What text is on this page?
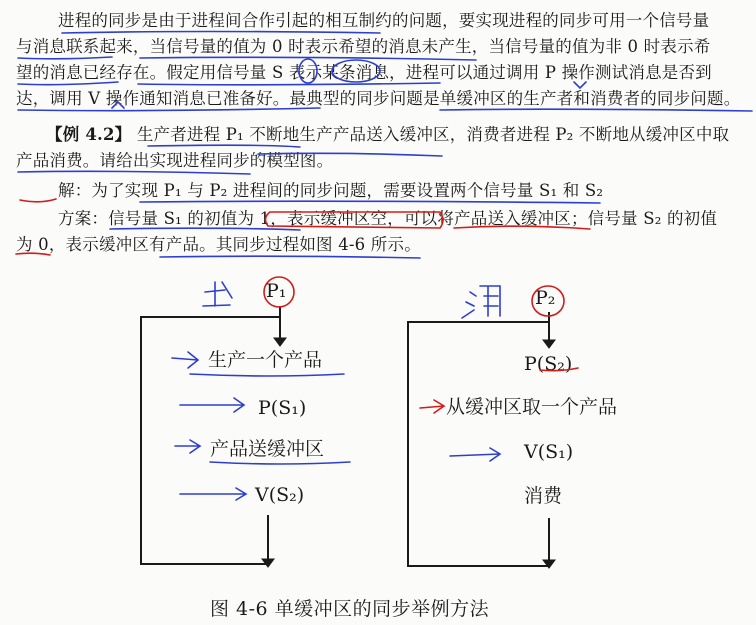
进程的同步是由于进程间合作引起的相互制约的问题，要实现进程的同步可用一个信号量
与消息联系起来，当信号量的值为 0 时表示希望的消息未产生，当信号量的值为非 0 时表示希
望的消息已经存在。假定用信号量 S 表示某条消息，进程可以通过调用 P 操作测试消息是否到
达，调用 V 操作通知消息已准备好。最典型的同步问题是单缓冲区的生产者和消费者的同步问题。
【例 4.2】 生产者进程 P₁ 不断地生产产品送入缓冲区，消费者进程 P₂ 不断地从缓冲区中取
产品消费。请给出实现进程同步的模型图。
解：为了实现 P₁ 与 P₂ 进程间的同步问题，需要设置两个信号量 S₁ 和 S₂
方案：信号量 S₁ 的初值为 1，表示缓冲区空，可以将产品送入缓冲区；信号量 S₂ 的初值
为 0，表示缓冲区有产品。其同步过程如图 4-6 所示。
P₁
生产一个产品
P(S₁)
产品送缓冲区
V(S₂)
P₂
P(S₂)
从缓冲区取一个产品
V(S₁)
消费
图 4-6 单缓冲区的同步举例方法
